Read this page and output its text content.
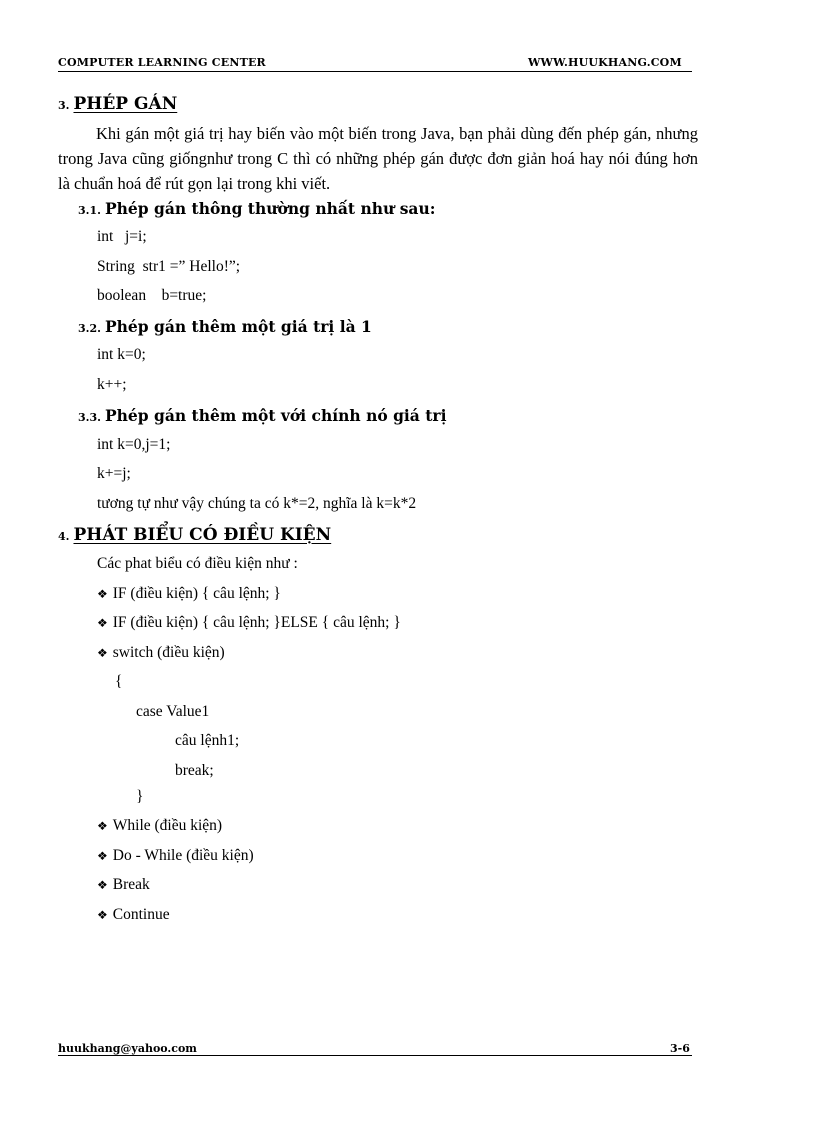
COMPUTER LEARNING CENTER	WWW.HUUKHANG.COM
3. PHÉP GÁN
Khi gán một giá trị hay biến vào một biến trong Java, bạn phải dùng đến phép gán, nhưng trong Java cũng giốngnhư trong C thì có những phép gán được đơn giản hoá hay nói đúng hơn là chuẩn hoá để rút gọn lại trong khi viết.
3.1. Phép gán thông thường nhất như sau:
int   j=i;
String  str1 =” Hello!”;
boolean    b=true;
3.2. Phép gán thêm một giá trị là 1
int k=0;
k++;
3.3. Phép gán thêm một với chính nó giá trị
int k=0,j=1;
k+=j;
tương tự như vậy chúng ta có k*=2, nghĩa là k=k*2
4. PHÁT BIỂU CÓ ĐIỀU KIỆN
Các phat biểu có điều kiện như :
❖ IF (điều kiện) { câu lệnh; }
❖ IF (điều kiện) { câu lệnh; }ELSE { câu lệnh; }
❖ switch (điều kiện)
{
case Value1
câu lệnh1;
break;
}
❖ While (điều kiện)
❖ Do - While (điều kiện)
❖ Break
❖ Continue
huukhang@yahoo.com	3-6
